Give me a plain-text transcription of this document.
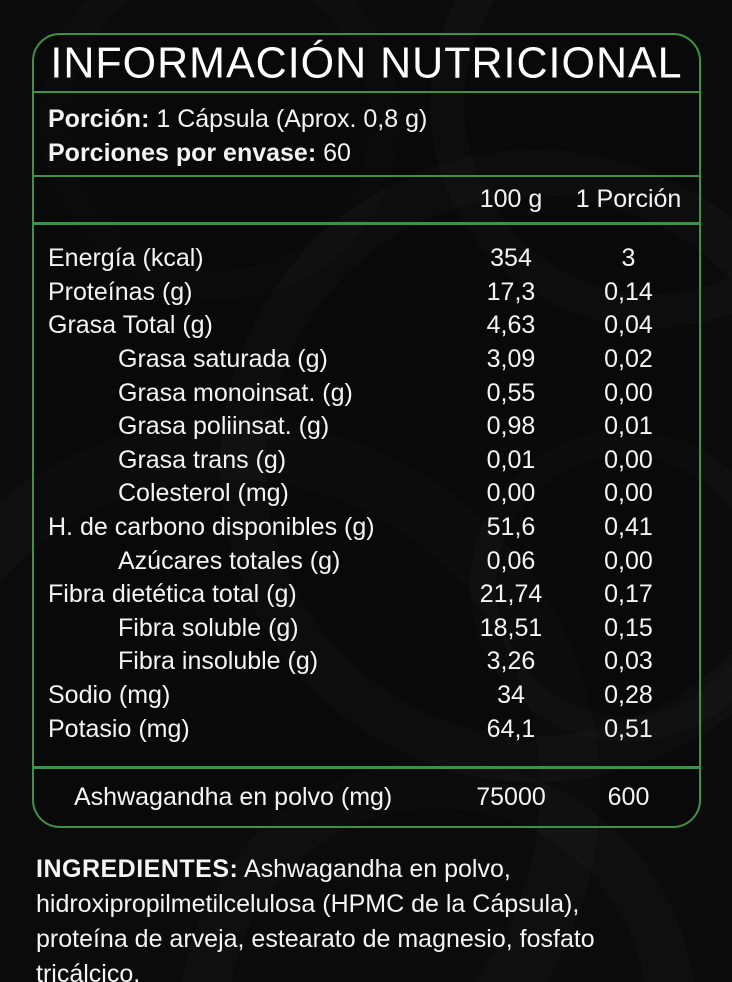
INFORMACIÓN NUTRICIONAL
Porción: 1 Cápsula (Aprox. 0,8 g)
Porciones por envase: 60
100 g	1 Porción
Energía (kcal)	354	3
Proteínas (g)	17,3	0,14
Grasa Total (g)	4,63	0,04
Grasa saturada (g)	3,09	0,02
Grasa monoinsat. (g)	0,55	0,00
Grasa poliinsat. (g)	0,98	0,01
Grasa trans (g)	0,01	0,00
Colesterol (mg)	0,00	0,00
H. de carbono disponibles (g)	51,6	0,41
Azúcares totales (g)	0,06	0,00
Fibra dietética total (g)	21,74	0,17
Fibra soluble (g)	18,51	0,15
Fibra insoluble (g)	3,26	0,03
Sodio (mg)	34	0,28
Potasio (mg)	64,1	0,51
Ashwagandha en polvo (mg)	75000	600
INGREDIENTES: Ashwagandha en polvo,
hidroxipropilmetilcelulosa (HPMC de la Cápsula),
proteína de arveja, estearato de magnesio, fosfato
tricálcico.
